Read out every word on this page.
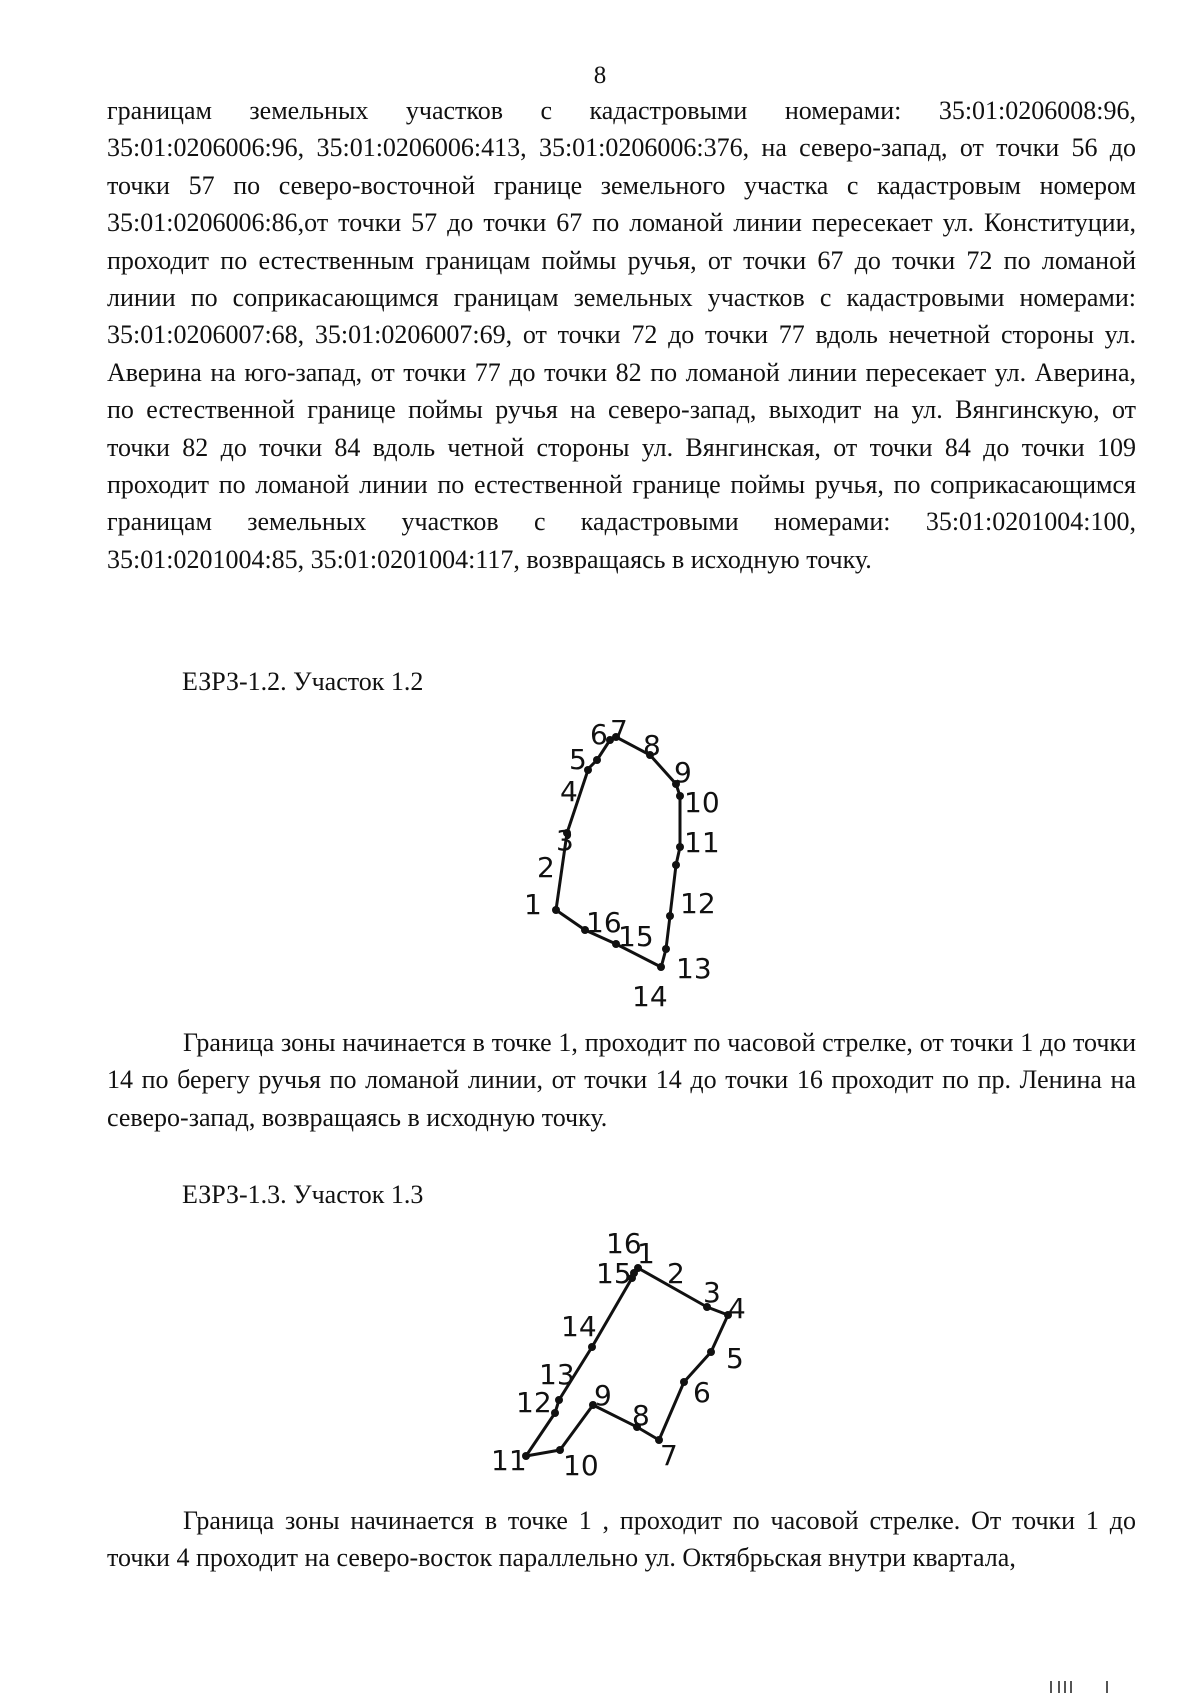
8

границам земельных участков с кадастровыми номерами: 35:01:0206008:96, 35:01:0206006:96, 35:01:0206006:413, 35:01:0206006:376, на северо-запад, от точки 56 до точки 57 по северо-восточной границе земельного участка с кадастровым номером 35:01:0206006:86,от точки 57 до точки 67 по ломаной линии пересекает ул. Конституции, проходит по естественным границам поймы ручья, от точки 67 до точки 72 по ломаной линии по соприкасающимся границам земельных участков с кадастровыми номерами: 35:01:0206007:68, 35:01:0206007:69, от точки 72 до точки 77 вдоль нечетной стороны ул. Аверина на юго-запад, от точки 77 до точки 82 по ломаной линии пересекает ул. Аверина, по естественной границе поймы ручья на северо-запад, выходит на ул. Вянгинскую, от точки 82 до точки 84 вдоль четной стороны ул. Вянгинская, от точки 84 до точки 109 проходит по ломаной линии по естественной границе поймы ручья, по соприкасающимся границам земельных участков с кадастровыми номерами: 35:01:0201004:100, 35:01:0201004:85, 35:01:0201004:117, возвращаясь в исходную точку.

ЕЗРЗ-1.2. Участок 1.2
1
2
3
4
5
6 7 8
9
10
11
12
13
14
15
16

Граница зоны начинается в точке 1, проходит по часовой стрелке, от точки 1 до точки 14 по берегу ручья по ломаной линии, от точки 14 до точки 16 проходит по пр. Ленина на северо-запад, возвращаясь в исходную точку.

ЕЗРЗ-1.3. Участок 1.3
1
2
3 4
5
6
7
8
9
10
11
12
13
14
15
16

Граница зоны начинается в точке 1 , проходит по часовой стрелке. От точки 1 до точки 4 проходит на северо-восток параллельно ул. Октябрьская внутри квартала,
